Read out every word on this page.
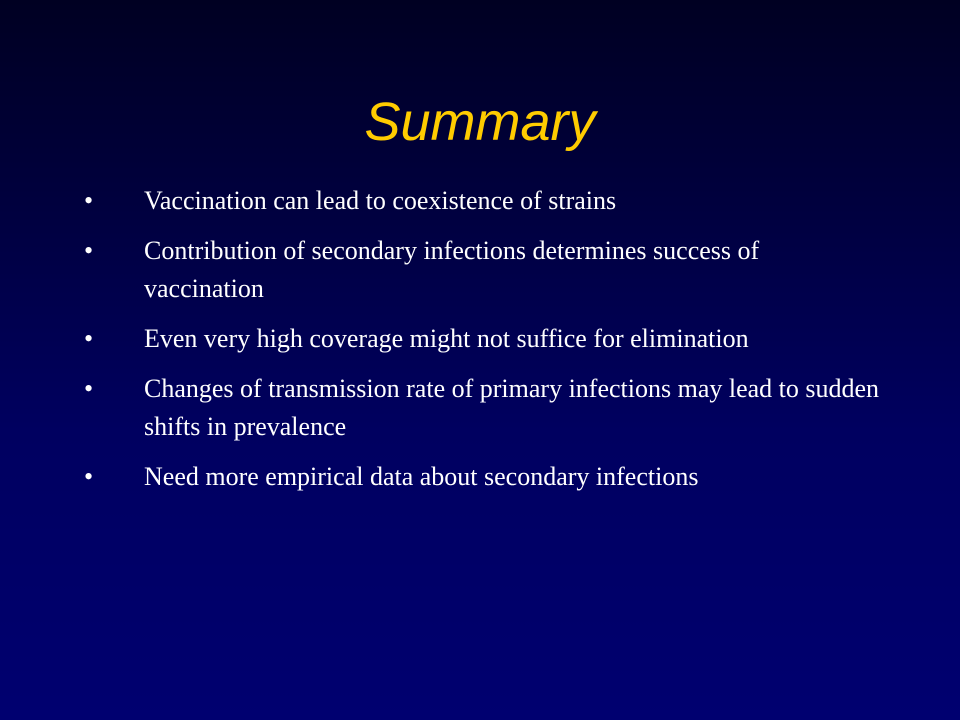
Summary
•	Vaccination can lead to coexistence of strains
•	Contribution of secondary infections determines success of vaccination
•	Even very high coverage might not suffice for elimination
•	Changes of transmission rate of primary infections may lead to sudden shifts in prevalence
•	Need more empirical data about secondary infections
